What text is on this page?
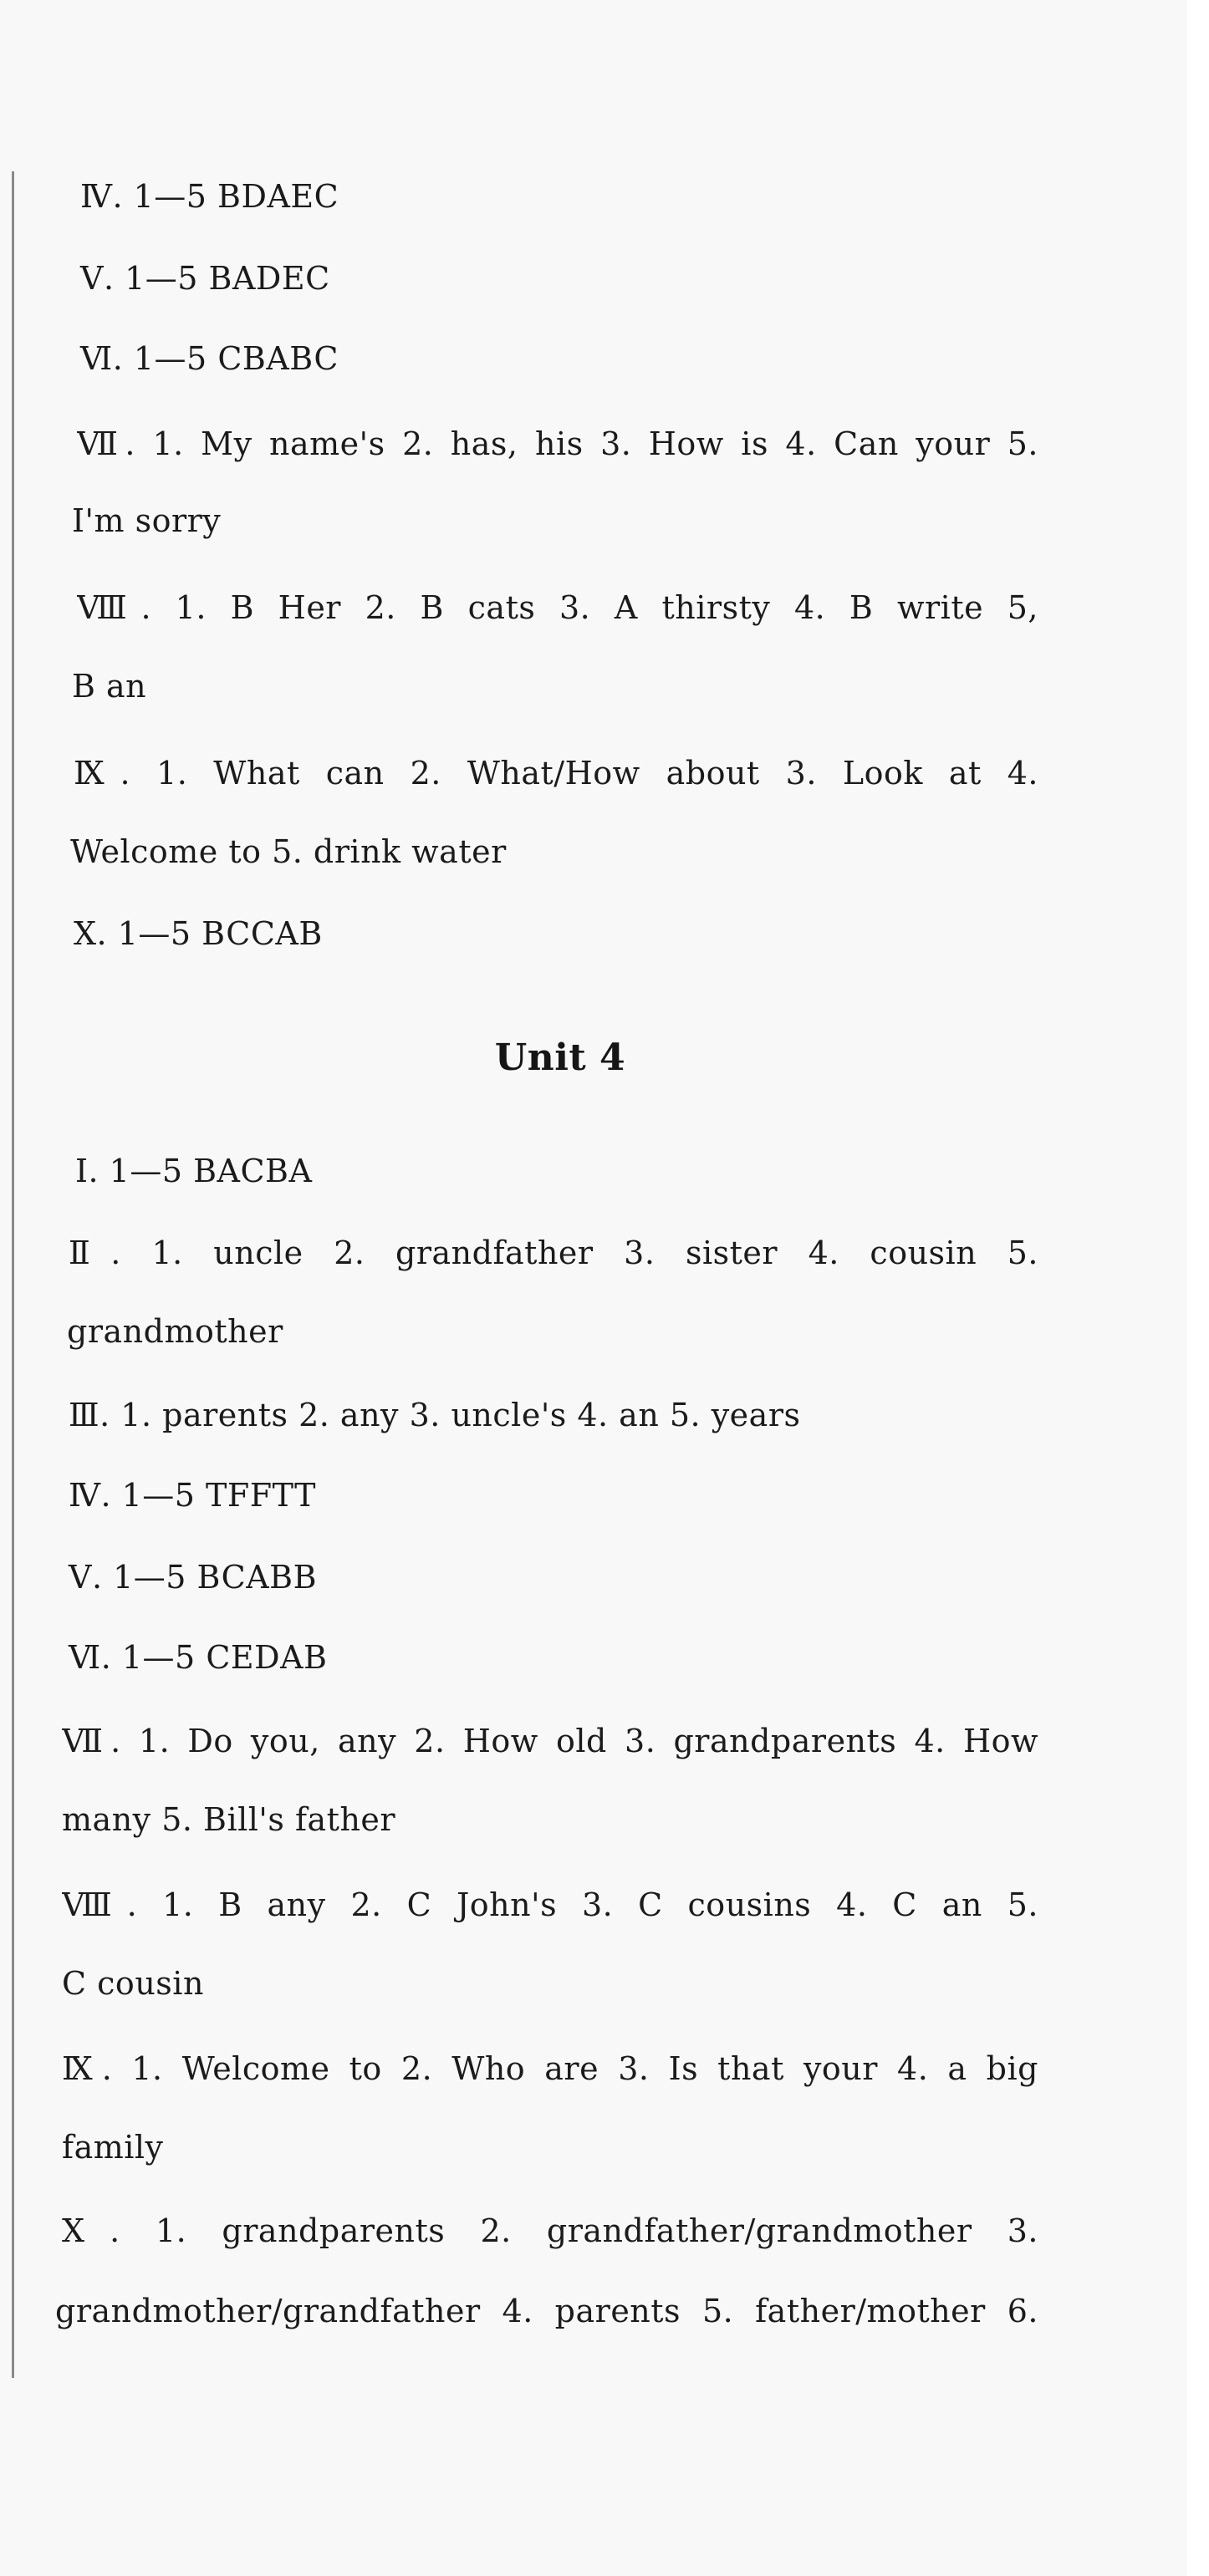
Ⅳ. 1—5 BDAEC
Ⅴ. 1—5 BADEC
Ⅵ. 1—5 CBABC
Ⅶ. 1. My name's 2. has, his 3. How is 4. Can your 5.
I'm sorry
Ⅷ. 1. B Her 2. B cats 3. A thirsty 4. B write 5,
B an
Ⅸ. 1. What can 2. What/How about 3. Look at 4.
Welcome to 5. drink water
Ⅹ. 1—5 BCCAB
Unit 4
Ⅰ. 1—5 BACBA
Ⅱ. 1. uncle 2. grandfather 3. sister 4. cousin 5.
grandmother
Ⅲ. 1. parents 2. any 3. uncle's 4. an 5. years
Ⅳ. 1—5 TFFTT
Ⅴ. 1—5 BCABB
Ⅵ. 1—5 CEDAB
Ⅶ. 1. Do you, any 2. How old 3. grandparents 4. How
many 5. Bill's father
Ⅷ. 1. B any 2. C John's 3. C cousins 4. C an 5.
C cousin
Ⅸ. 1. Welcome to 2. Who are 3. Is that your 4. a big
family
Ⅹ. 1. grandparents 2. grandfather/grandmother 3.
grandmother/grandfather 4. parents 5. father/mother 6.
